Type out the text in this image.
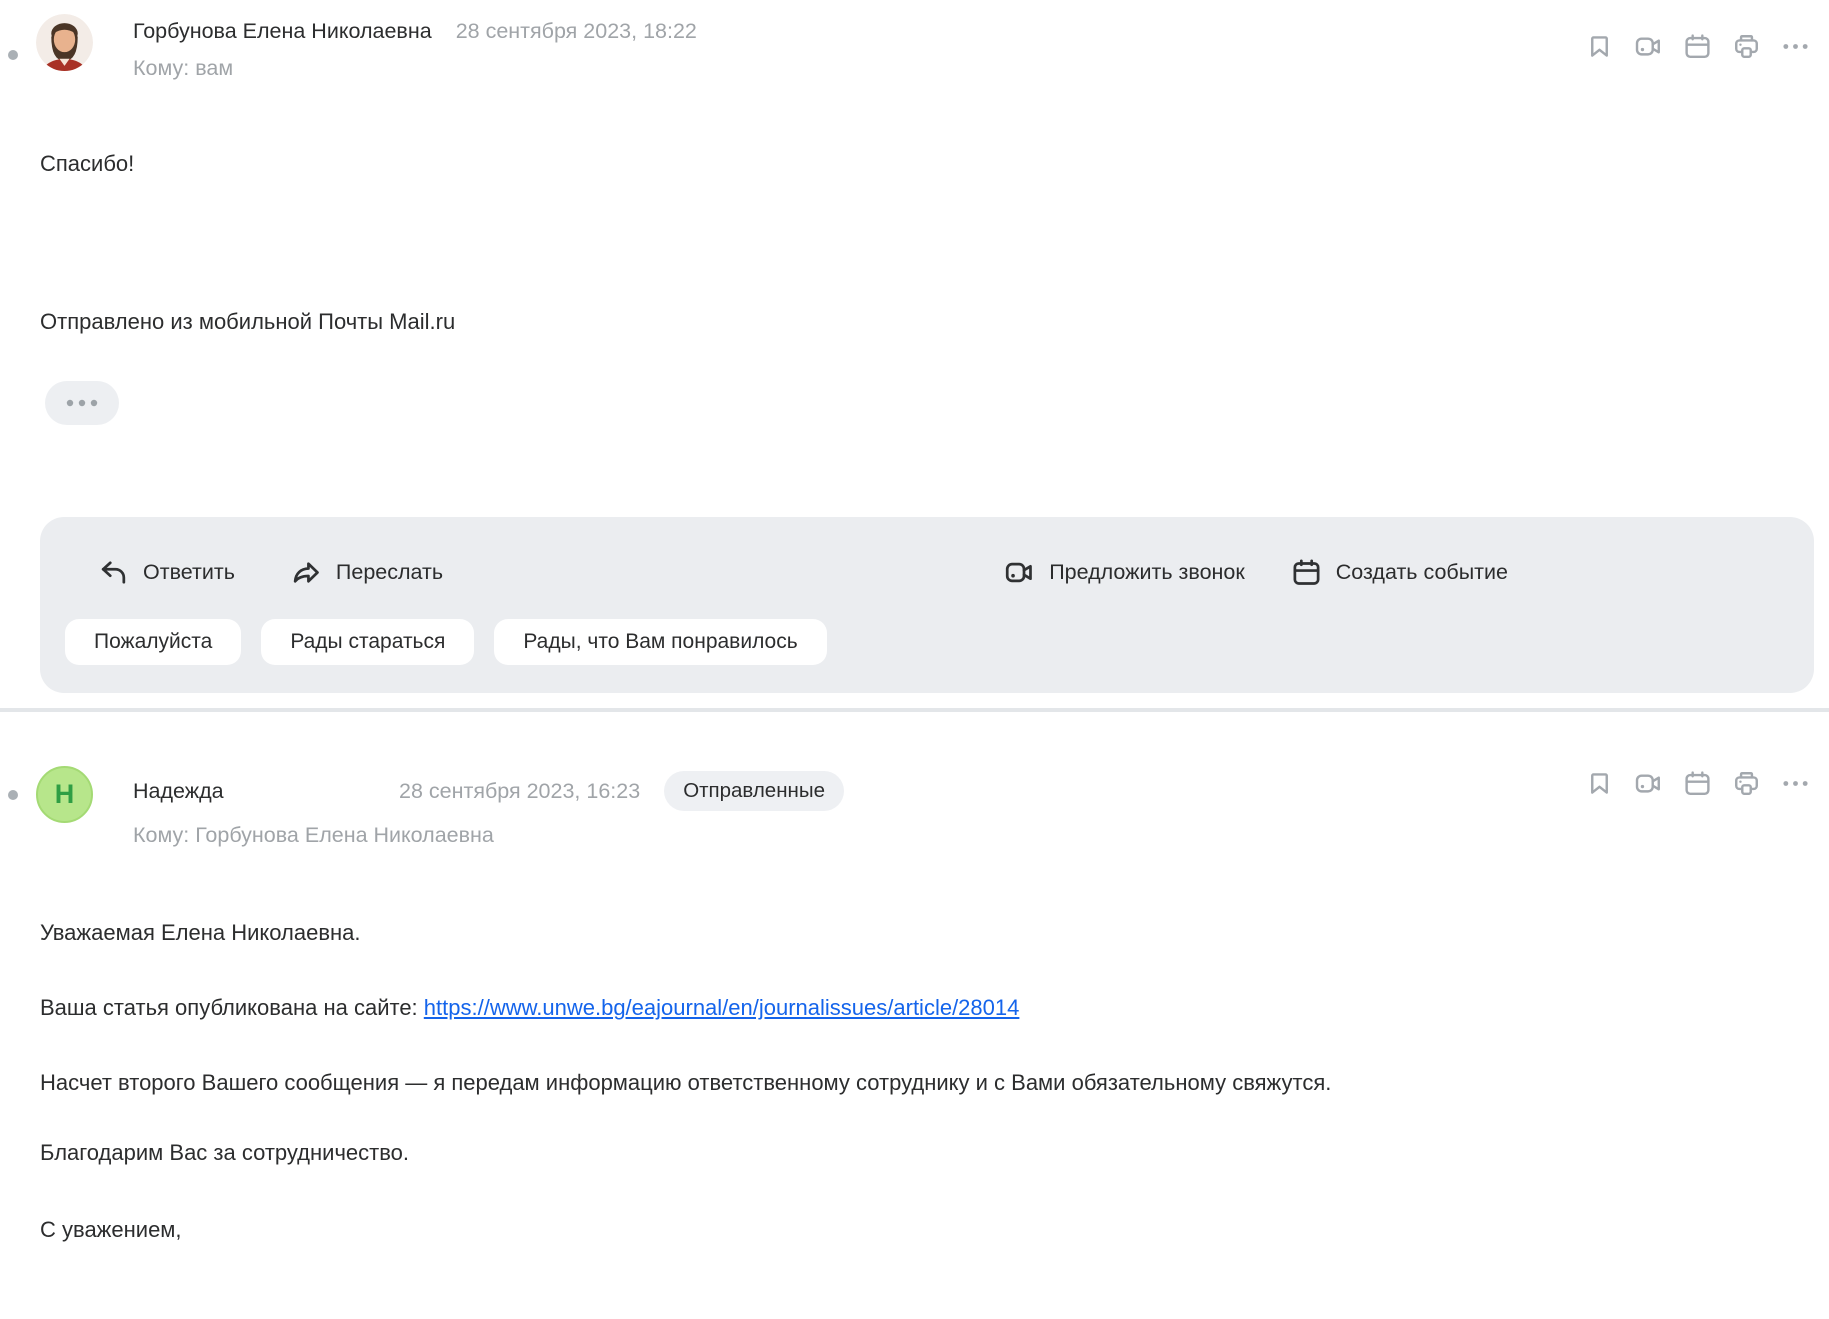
Горбунова Елена Николаевна 28 сентября 2023, 18:22
Кому: вам
Спасибо!
Отправлено из мобильной Почты Mail.ru
Ответить	Переслать	Предложить звонок	Создать событие
Пожалуйста	Рады стараться	Рады, что Вам понравилось
Н	Надежда	28 сентября 2023, 16:23	Отправленные
Кому: Горбунова Елена Николаевна

Уважаемая Елена Николаевна.

Ваша статья опубликована на сайте: https://www.unwe.bg/eajournal/en/journalissues/article/28014

Насчет второго Вашего сообщения — я передам информацию ответственному сотруднику и с Вами обязательному свяжутся.

Благодарим Вас за сотрудничество.

С уважением,
